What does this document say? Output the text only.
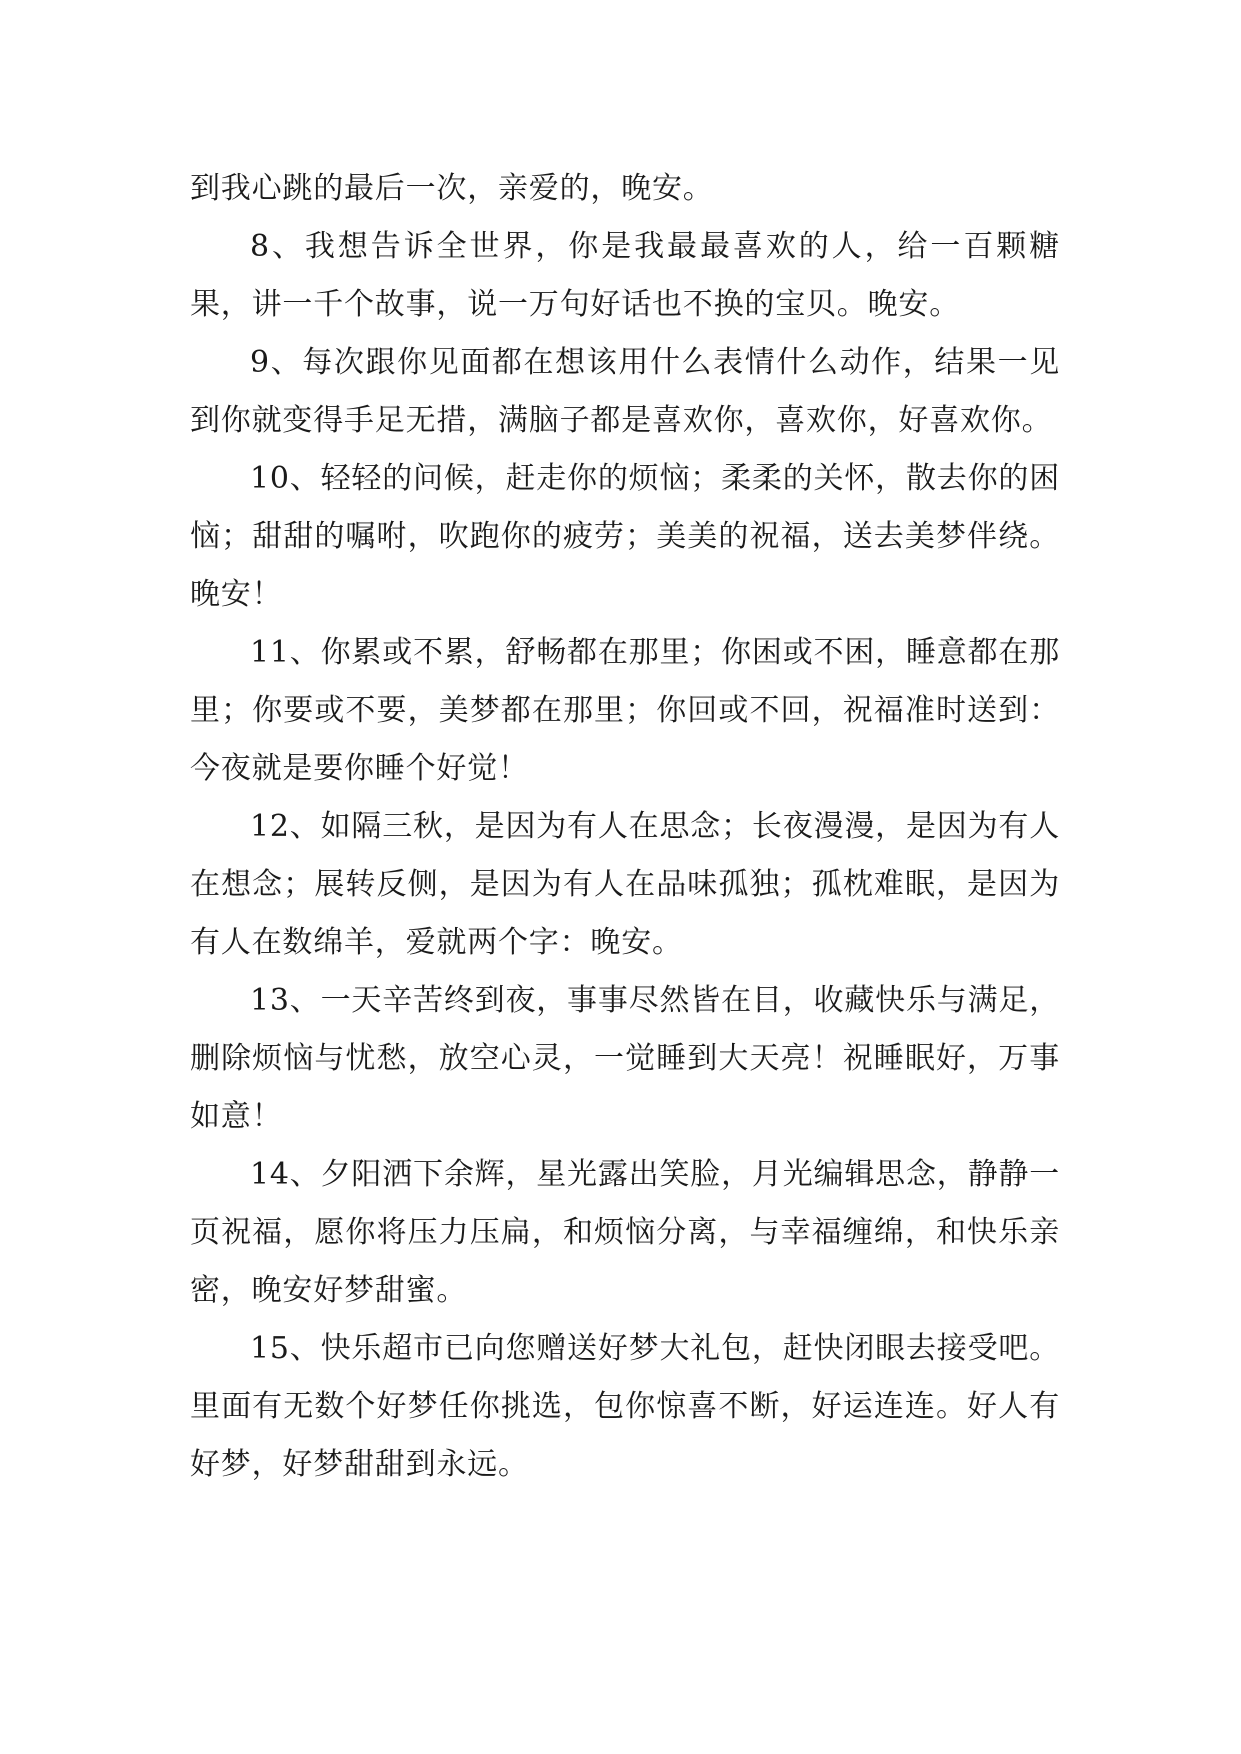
到我心跳的最后一次，亲爱的，晚安。

8、我想告诉全世界，你是我最最喜欢的人，给一百颗糖果，讲一千个故事，说一万句好话也不换的宝贝。晚安。

9、每次跟你见面都在想该用什么表情什么动作，结果一见到你就变得手足无措，满脑子都是喜欢你，喜欢你，好喜欢你。

10、轻轻的问候，赶走你的烦恼；柔柔的关怀，散去你的困恼；甜甜的嘱咐，吹跑你的疲劳；美美的祝福，送去美梦伴绕。晚安！

11、你累或不累，舒畅都在那里；你困或不困，睡意都在那里；你要或不要，美梦都在那里；你回或不回，祝福准时送到：今夜就是要你睡个好觉！

12、如隔三秋，是因为有人在思念；长夜漫漫，是因为有人在想念；展转反侧，是因为有人在品味孤独；孤枕难眠，是因为有人在数绵羊，爱就两个字：晚安。

13、一天辛苦终到夜，事事尽然皆在目，收藏快乐与满足，删除烦恼与忧愁，放空心灵，一觉睡到大天亮！祝睡眠好，万事如意！

14、夕阳洒下余辉，星光露出笑脸，月光编辑思念，静静一页祝福，愿你将压力压扁，和烦恼分离，与幸福缠绵，和快乐亲密，晚安好梦甜蜜。

15、快乐超市已向您赠送好梦大礼包，赶快闭眼去接受吧。里面有无数个好梦任你挑选，包你惊喜不断，好运连连。好人有好梦，好梦甜甜到永远。
